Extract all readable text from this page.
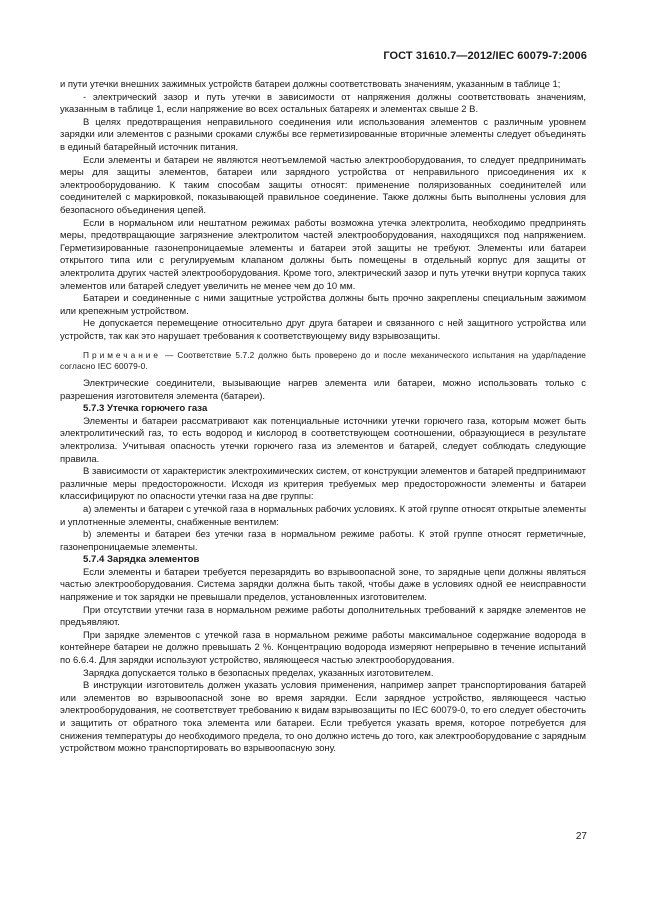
ГОСТ 31610.7—2012/IEC 60079-7:2006

и пути утечки внешних зажимных устройств батареи должны соответствовать значениям, указанным в таблице 1;

- электрический зазор и путь утечки в зависимости от напряжения должны соответствовать значениям, указанным в таблице 1, если напряжение во всех остальных батареях и элементах свыше 2 В.

В целях предотвращения неправильного соединения или использования элементов с различным уровнем зарядки или элементов с разными сроками службы все герметизированные вторичные элементы следует объединять в единый батарейный источник питания.

Если элементы и батареи не являются неотъемлемой частью электрооборудования, то следует предпринимать меры для защиты элементов, батареи или зарядного устройства от неправильного присоединения их к электрооборудованию. К таким способам защиты относят: применение поляризованных соединителей или соединителей с маркировкой, показывающей правильное соединение. Также должны быть выполнены условия для безопасного объединения цепей.

Если в нормальном или нештатном режимах работы возможна утечка электролита, необходимо предпринять меры, предотвращающие загрязнение электролитом частей электрооборудования, находящихся под напряжением. Герметизированные газонепроницаемые элементы и батареи этой защиты не требуют. Элементы или батареи открытого типа или с регулируемым клапаном должны быть помещены в отдельный корпус для защиты от электролита других частей электрооборудования. Кроме того, электрический зазор и путь утечки внутри корпуса таких элементов или батарей следует увеличить не менее чем до 10 мм.

Батареи и соединенные с ними защитные устройства должны быть прочно закреплены специальным зажимом или крепежным устройством.

Не допускается перемещение относительно друг друга батареи и связанного с ней защитного устройства или устройств, так как это нарушает требования к соответствующему виду взрывозащиты.

Примечание — Соответствие 5.7.2 должно быть проверено до и после механического испытания на удар/падение согласно IEC 60079-0.

Электрические соединители, вызывающие нагрев элемента или батареи, можно использовать только с разрешения изготовителя элемента (батареи).

5.7.3 Утечка горючего газа

Элементы и батареи рассматривают как потенциальные источники утечки горючего газа, которым может быть электролитический газ, то есть водород и кислород в соответствующем соотношении, образующиеся в результате электролиза. Учитывая опасность утечки горючего газа из элементов и батарей, следует соблюдать следующие правила.

В зависимости от характеристик электрохимических систем, от конструкции элементов и батарей предпринимают различные меры предосторожности. Исходя из критерия требуемых мер предосторожности элементы и батареи классифицируют по опасности утечки газа на две группы:

а) элементы и батареи с утечкой газа в нормальных рабочих условиях. К этой группе относят открытые элементы и уплотненные элементы, снабженные вентилем:

b) элементы и батареи без утечки газа в нормальном режиме работы. К этой группе относят герметичные, газонепроницаемые элементы.

5.7.4 Зарядка элементов

Если элементы и батареи требуется перезарядить во взрывоопасной зоне, то зарядные цепи должны являться частью электрооборудования. Система зарядки должна быть такой, чтобы даже в условиях одной ее неисправности напряжение и ток зарядки не превышали пределов, установленных изготовителем.

При отсутствии утечки газа в нормальном режиме работы дополнительных требований к зарядке элементов не предъявляют.

При зарядке элементов с утечкой газа в нормальном режиме работы максимальное содержание водорода в контейнере батареи не должно превышать 2 %. Концентрацию водорода измеряют непрерывно в течение испытаний по 6.6.4. Для зарядки используют устройство, являющееся частью электрооборудования.

Зарядка допускается только в безопасных пределах, указанных изготовителем.

В инструкции изготовитель должен указать условия применения, например запрет транспортирования батарей или элементов во взрывоопасной зоне во время зарядки. Если зарядное устройство, являющееся частью электрооборудования, не соответствует требованию к видам взрывозащиты по IEC 60079-0, то его следует обесточить и защитить от обратного тока элемента или батареи. Если требуется указать время, которое потребуется для снижения температуры до необходимого предела, то оно должно истечь до того, как электрооборудование с зарядным устройством можно транспортировать во взрывоопасную зону.

27
